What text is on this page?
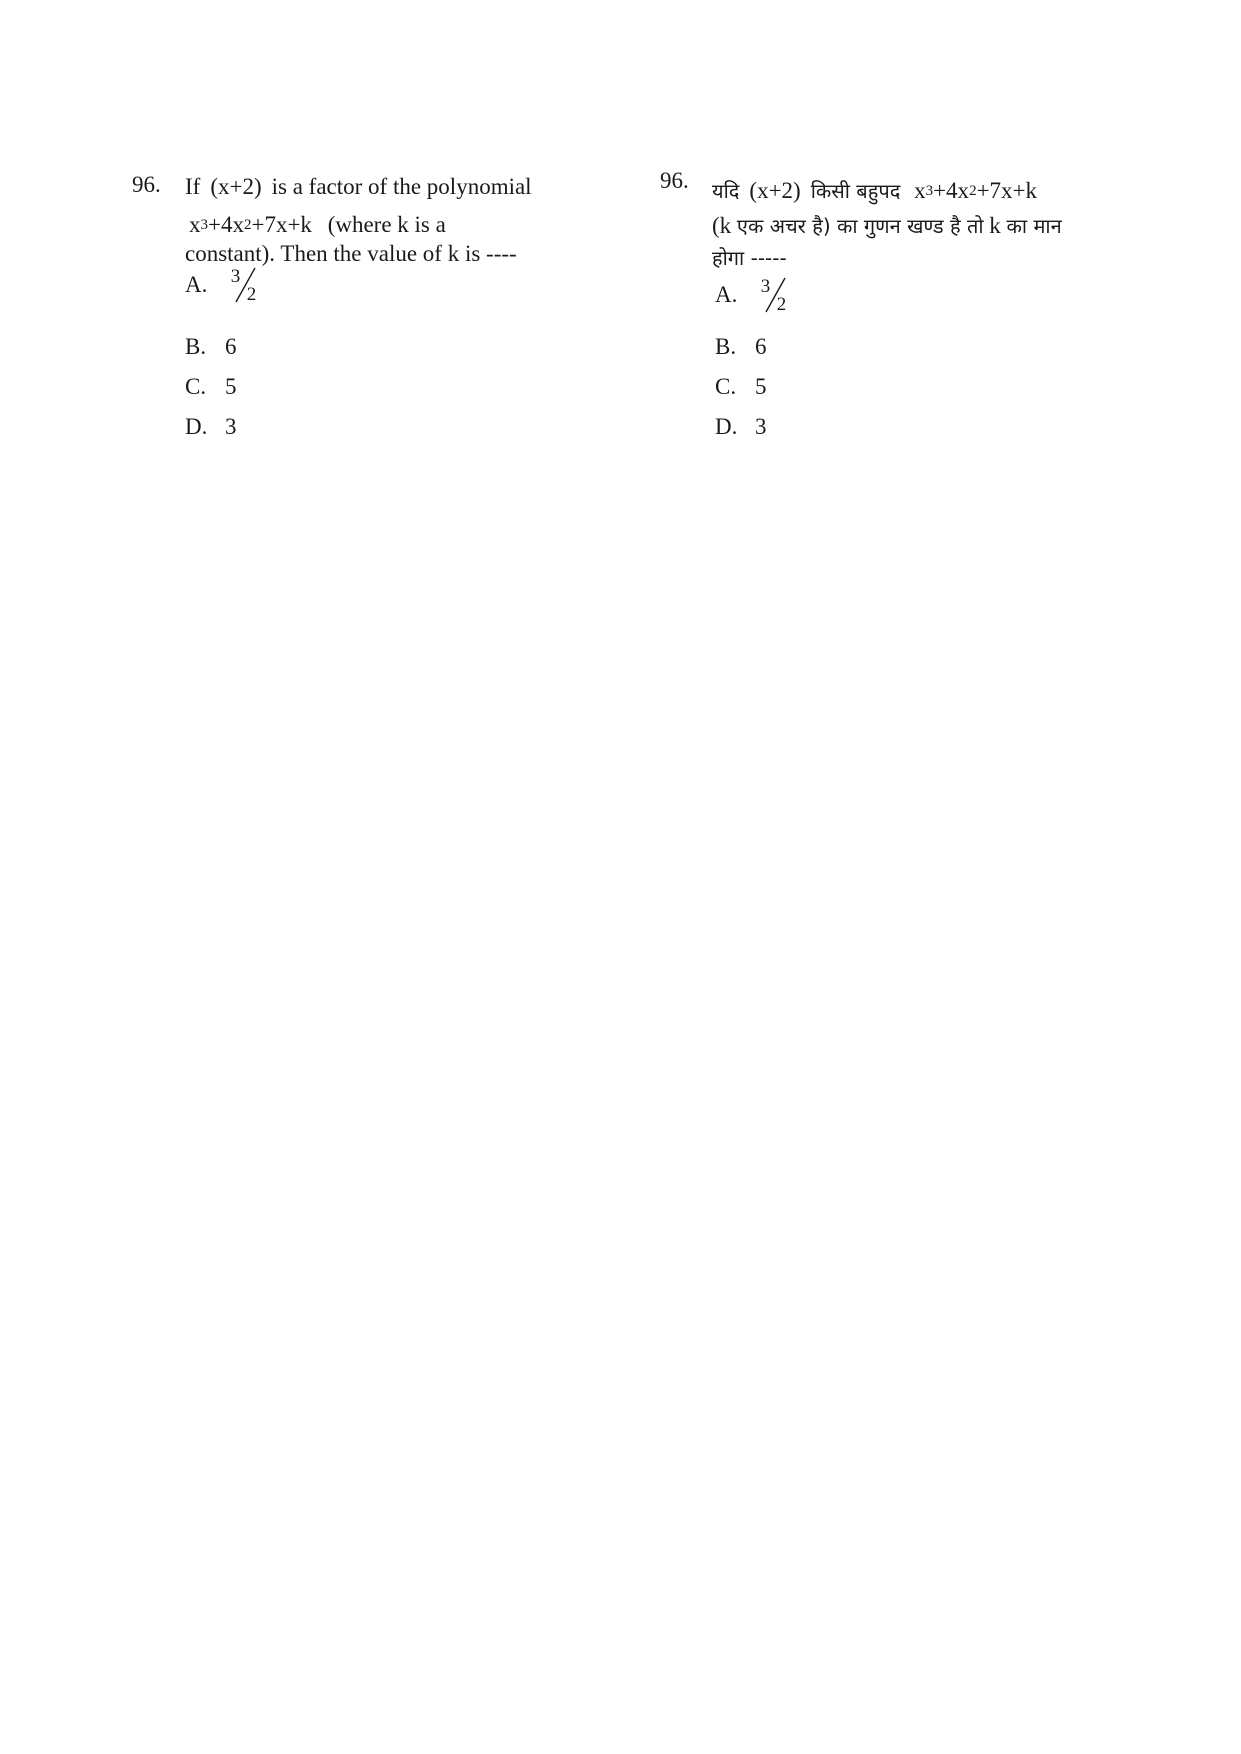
96. If (x+2) is a factor of the polynomial
$x^3+4x^2+7x+k$ (where k is a
constant). Then the value of k is ----
A. 3
2
B. 6
C. 5
D. 3
96. यदि (x+2) किसी बहुपद $x^3+4x^2+7x+k$
(k एक अचर है) का गुणन खण्ड है तो k का मान
होगा -----
A. 3
2
B. 6
C. 5
D. 3
